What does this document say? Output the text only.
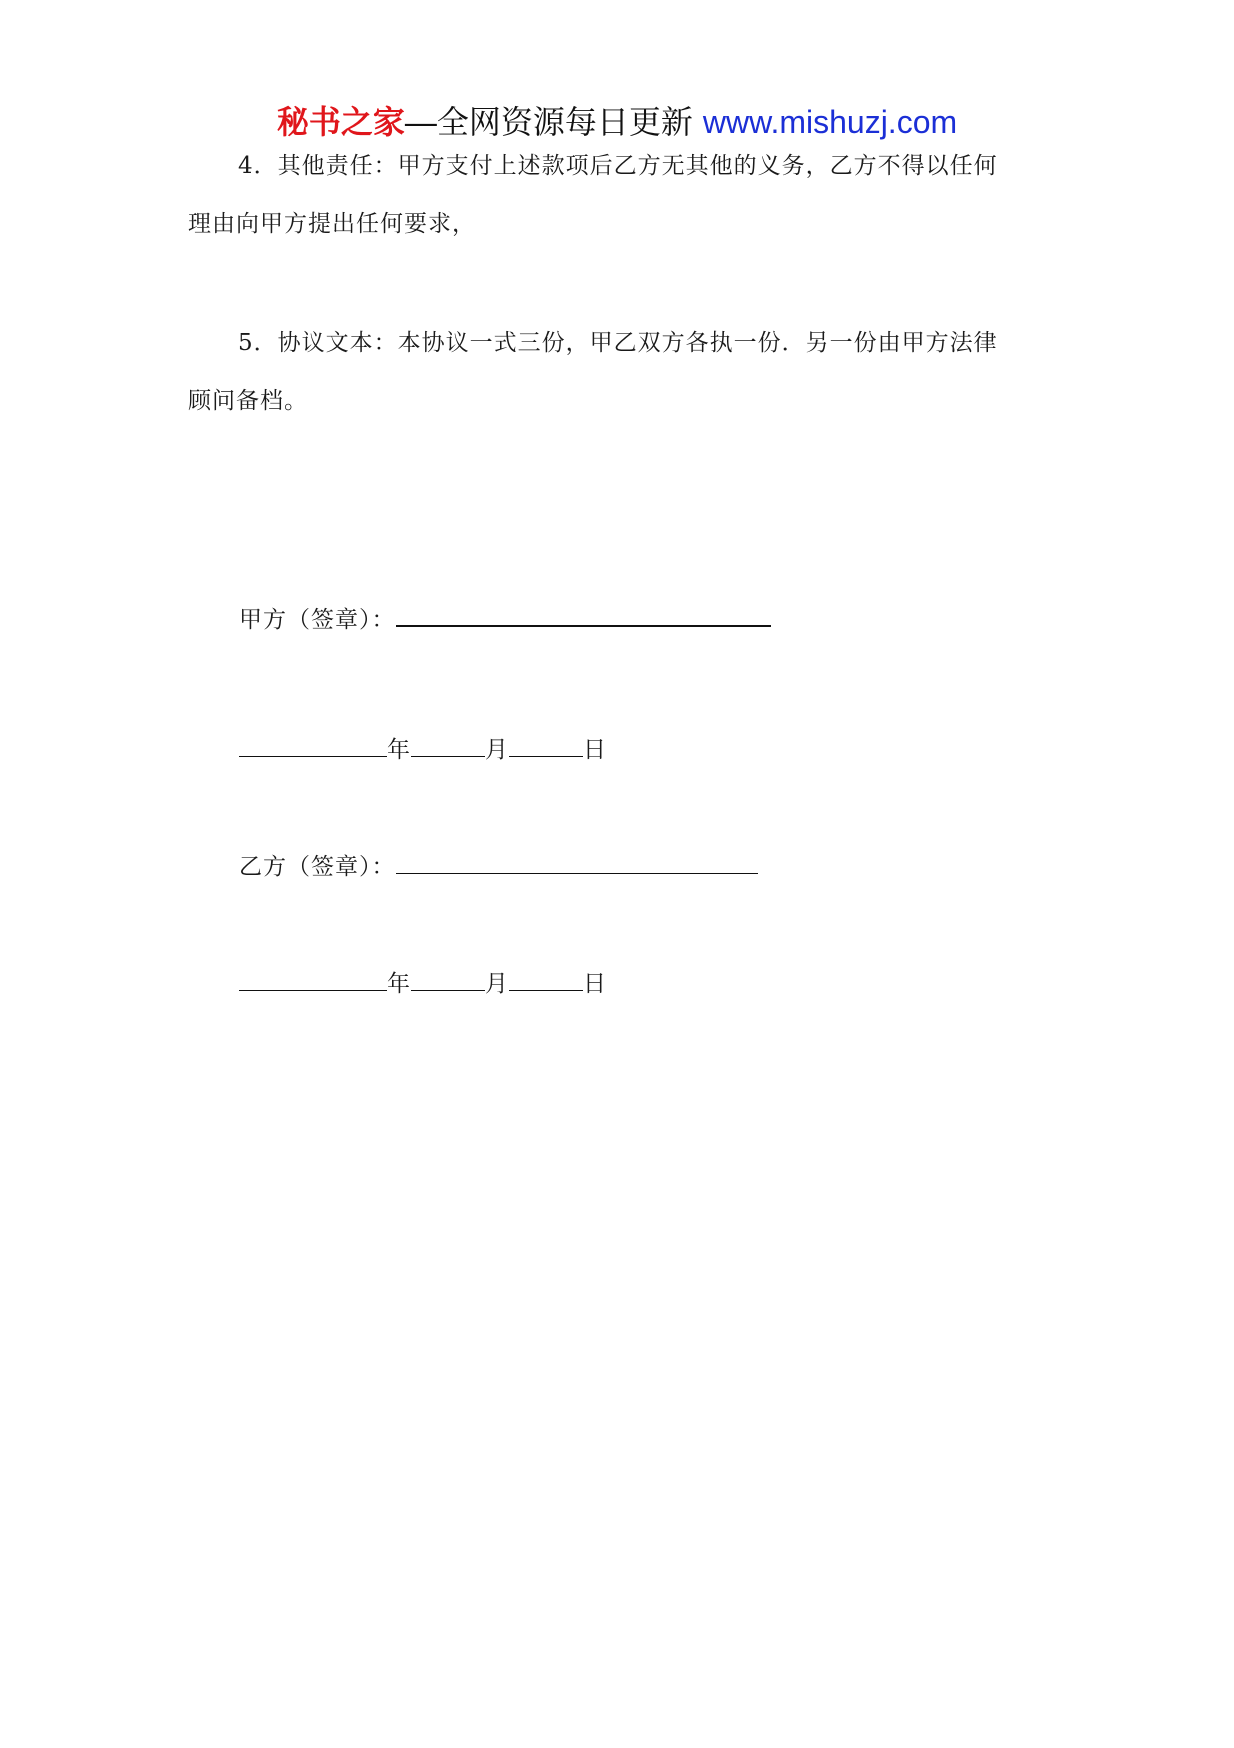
秘书之家—全网资源每日更新 www.mishuzj.com
4．其他责任：甲方支付上述款项后乙方无其他的义务，乙方不得以任何
理由向甲方提出任何要求，
5．协议文本：本协议一式三份，甲乙双方各执一份．另一份由甲方法律
顾问备档。
甲方（签章）：
年	月	日
乙方（签章）：
年	月	日
